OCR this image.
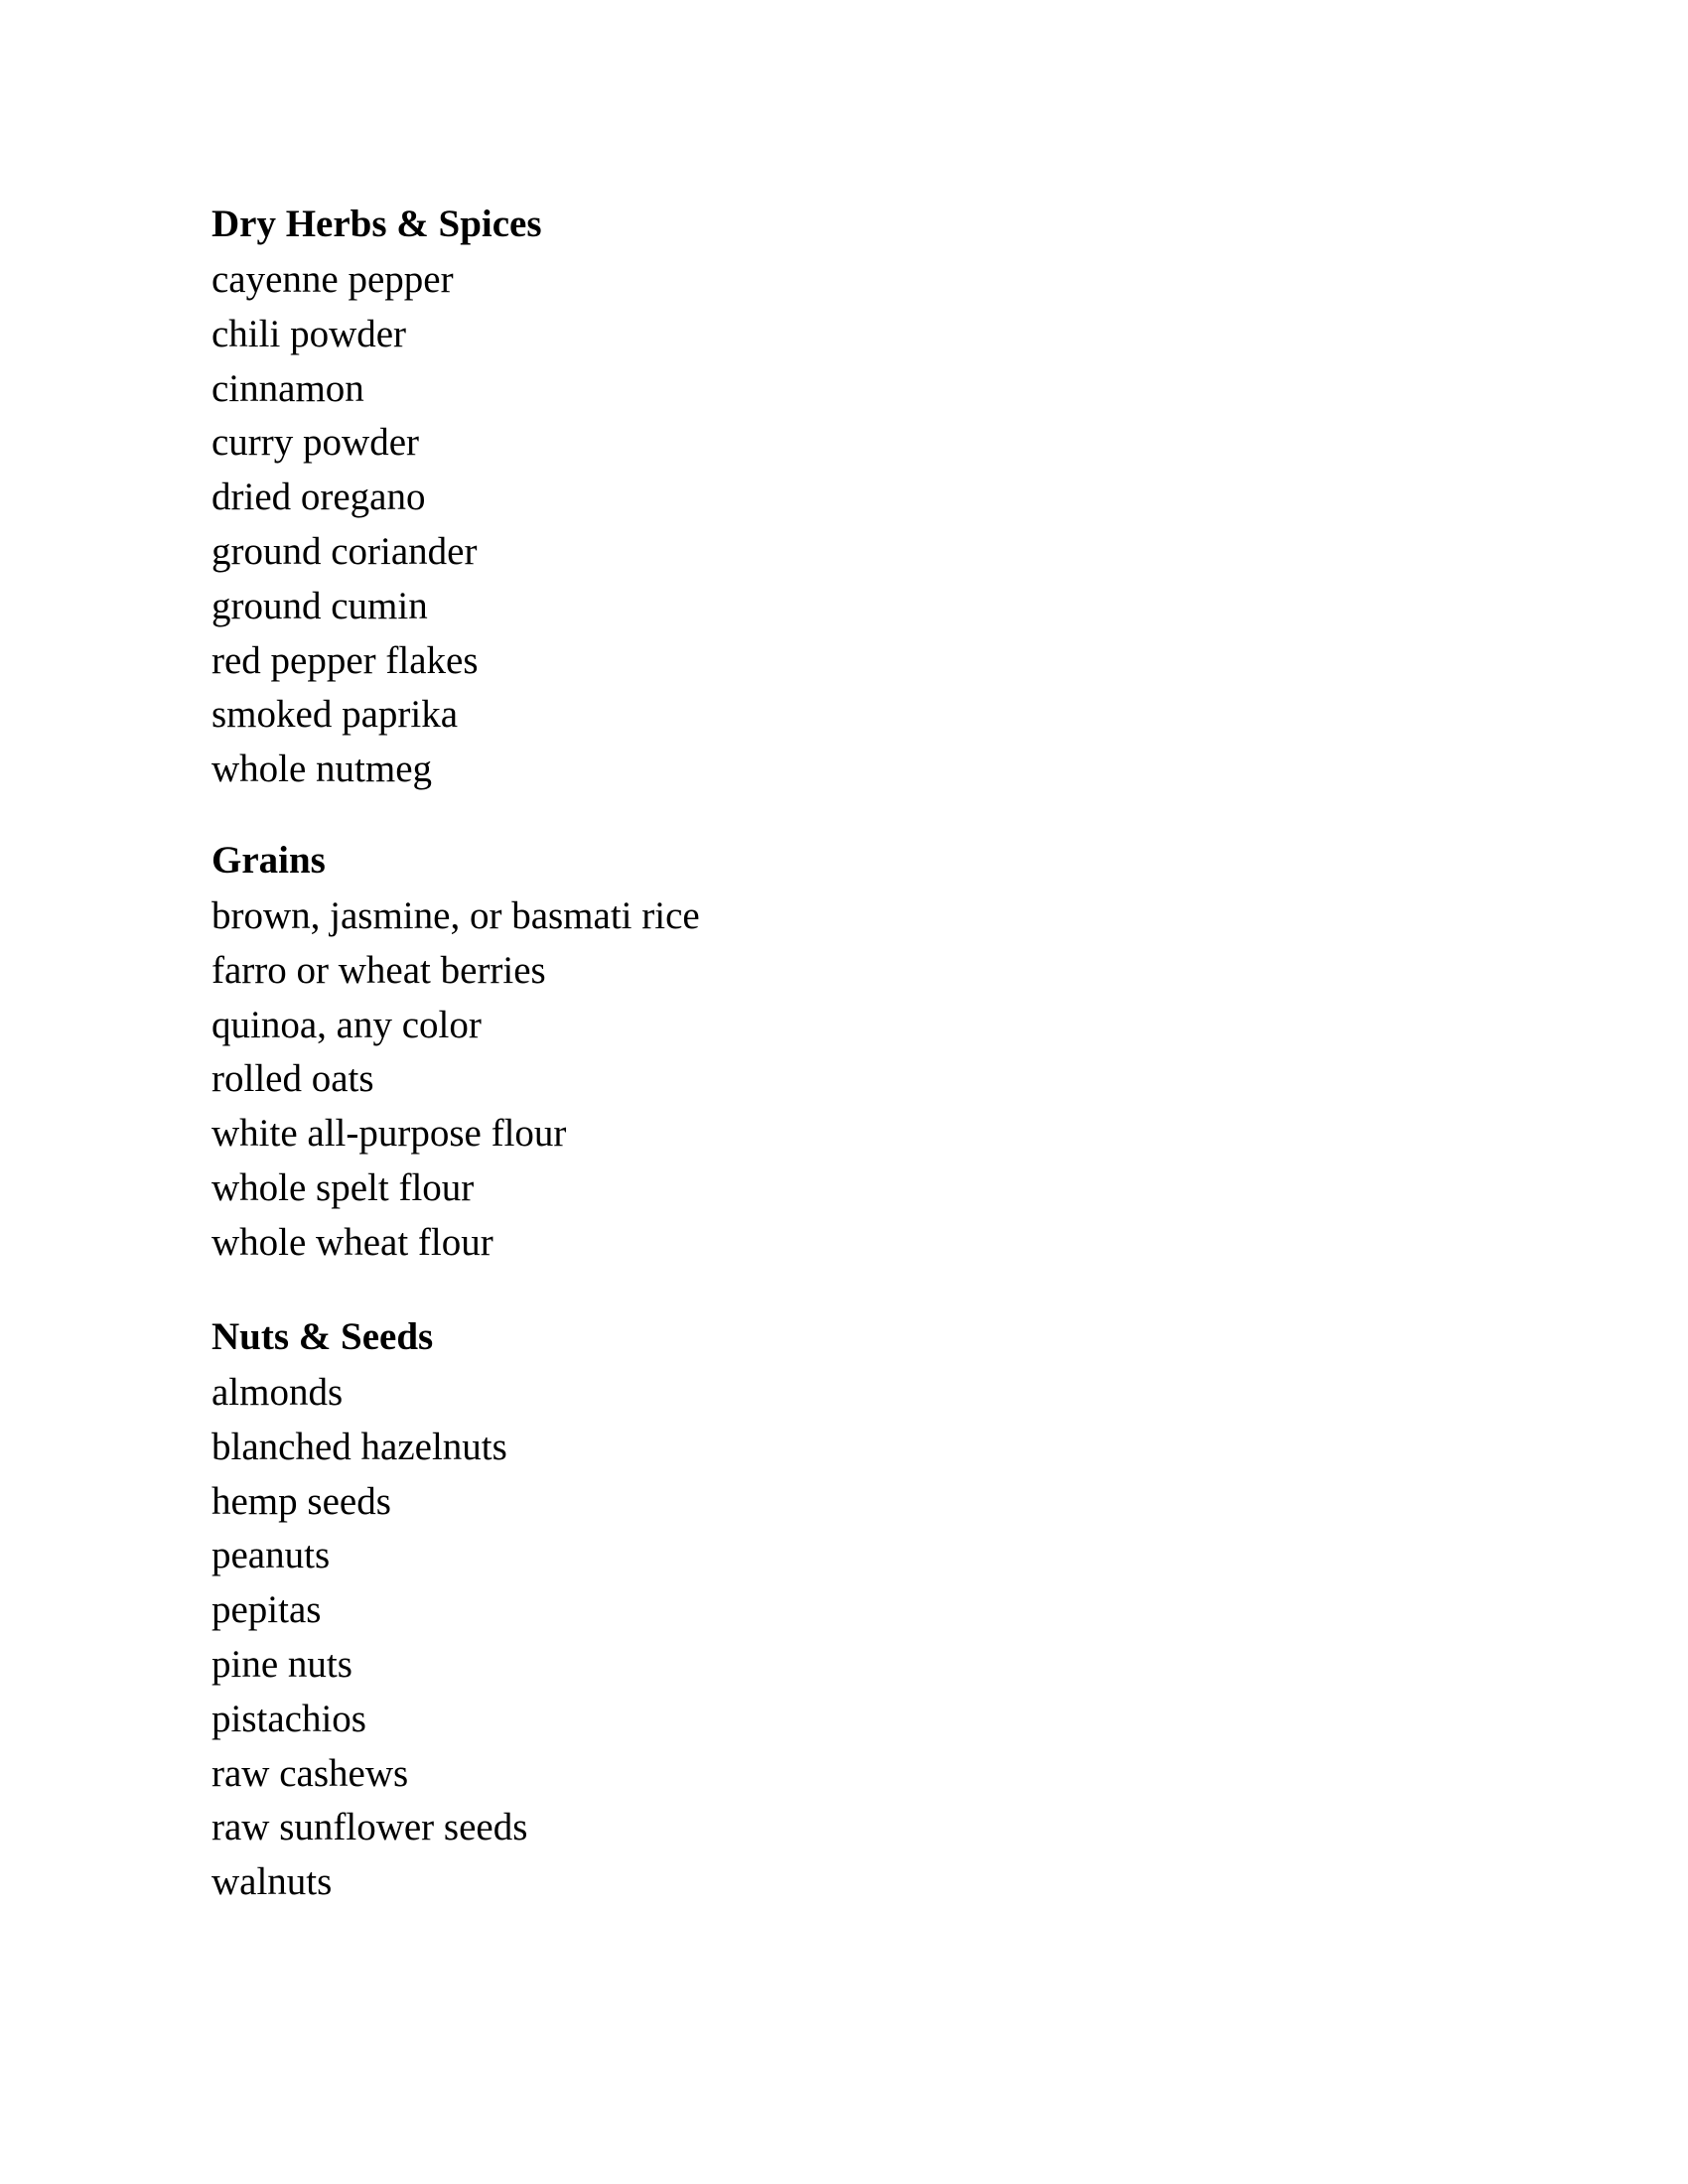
Dry Herbs & Spices
cayenne pepper
chili powder
cinnamon
curry powder
dried oregano
ground coriander
ground cumin
red pepper flakes
smoked paprika
whole nutmeg
Grains
brown, jasmine, or basmati rice
farro or wheat berries
quinoa, any color
rolled oats
white all-purpose flour
whole spelt flour
whole wheat flour
Nuts & Seeds
almonds
blanched hazelnuts
hemp seeds
peanuts
pepitas
pine nuts
pistachios
raw cashews
raw sunflower seeds
walnuts
